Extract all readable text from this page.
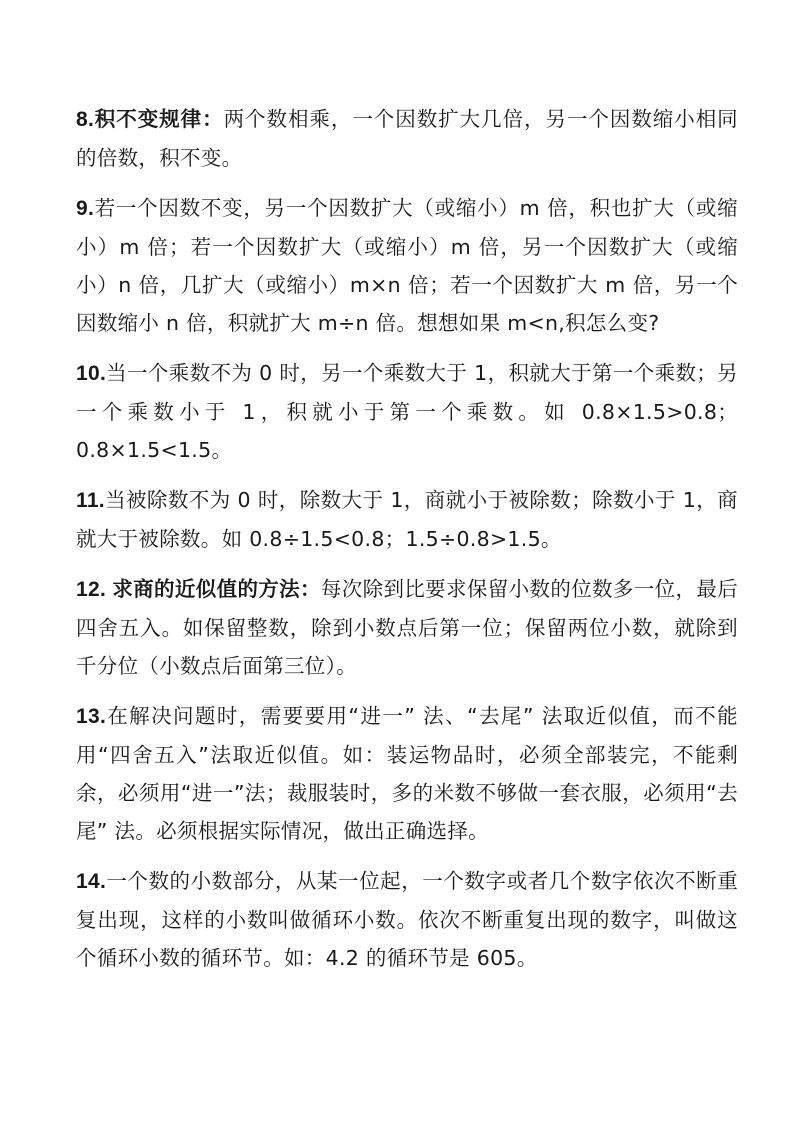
8.积不变规律：两个数相乘，一个因数扩大几倍，另一个因数缩小相同的倍数，积不变。

9.若一个因数不变，另一个因数扩大（或缩小）m 倍，积也扩大（或缩小）m 倍；若一个因数扩大（或缩小）m 倍，另一个因数扩大（或缩小）n 倍，几扩大（或缩小）m×n 倍；若一个因数扩大 m 倍，另一个因数缩小 n 倍，积就扩大 m÷n 倍。想想如果 m<n,积怎么变?

10.当一个乘数不为 0 时，另一个乘数大于 1，积就大于第一个乘数；另一个乘数小于 1，积就小于第一个乘数。如 0.8×1.5>0.8；0.8×1.5<1.5。

11.当被除数不为 0 时，除数大于 1，商就小于被除数；除数小于 1，商就大于被除数。如 0.8÷1.5<0.8；1.5÷0.8>1.5。

12. 求商的近似值的方法：每次除到比要求保留小数的位数多一位，最后四舍五入。如保留整数，除到小数点后第一位；保留两位小数，就除到千分位（小数点后面第三位）。

13.在解决问题时，需要要用“进一” 法、“去尾” 法取近似值，而不能用“四舍五入”法取近似值。如：装运物品时，必须全部装完，不能剩余，必须用“进一”法；裁服装时，多的米数不够做一套衣服，必须用“去尾” 法。必须根据实际情况，做出正确选择。

14.一个数的小数部分，从某一位起，一个数字或者几个数字依次不断重复出现，这样的小数叫做循环小数。依次不断重复出现的数字，叫做这个循环小数的循环节。如：4.2 的循环节是 605。
